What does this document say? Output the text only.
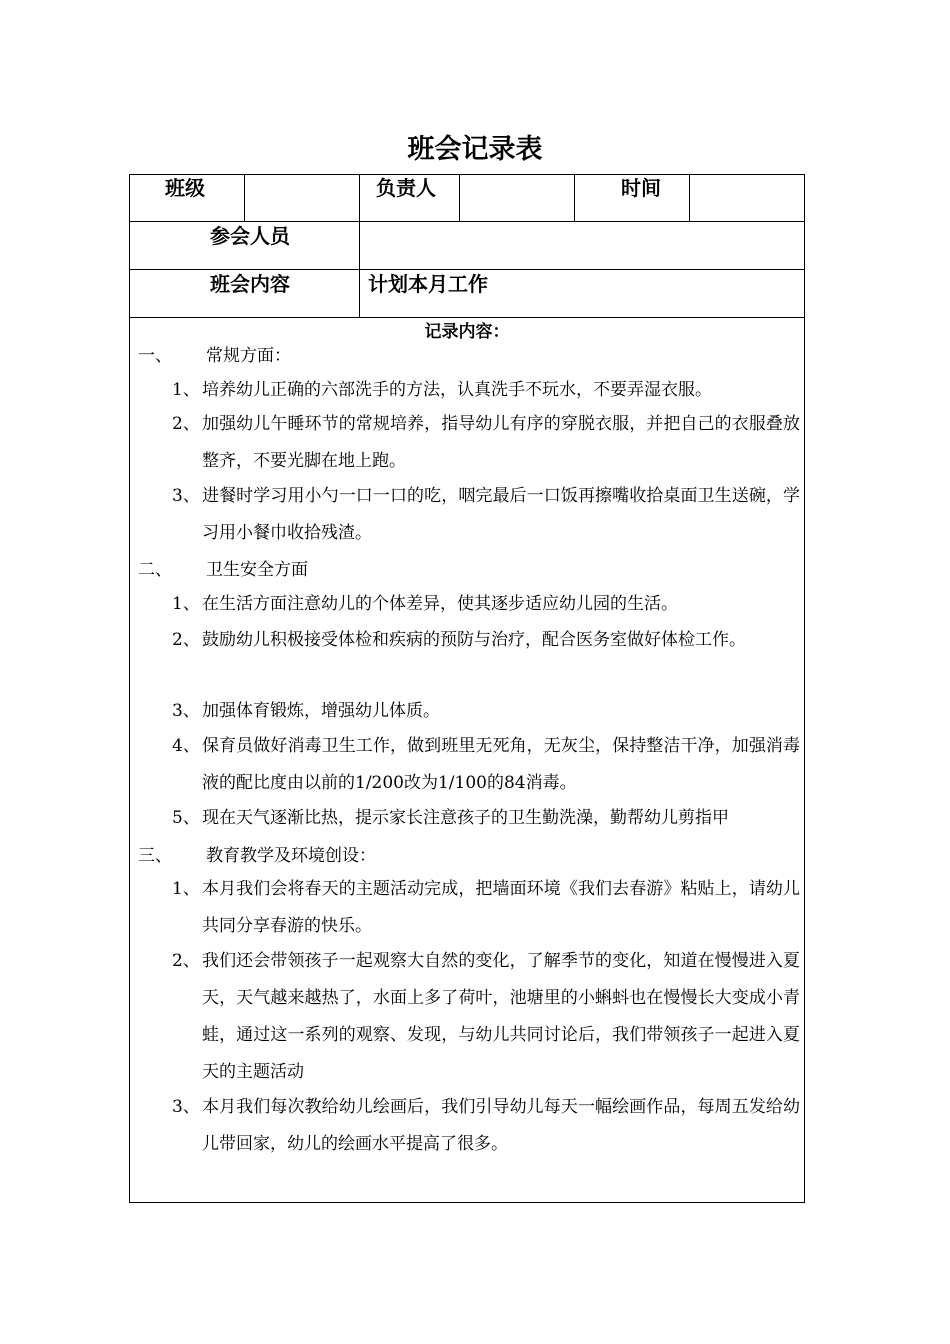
班会记录表
班级	负责人	时间
参会人员
班会内容	计划本月工作
记录内容：
一、 常规方面：
1、 培养幼儿正确的六部洗手的方法，认真洗手不玩水，不要弄湿衣服。
2、 加强幼儿午睡环节的常规培养，指导幼儿有序的穿脱衣服，并把自己的衣服叠放整齐，不要光脚在地上跑。
3、 进餐时学习用小勺一口一口的吃，咽完最后一口饭再擦嘴收拾桌面卫生送碗，学习用小餐巾收拾残渣。
二、 卫生安全方面
1、 在生活方面注意幼儿的个体差异，使其逐步适应幼儿园的生活。
2、 鼓励幼儿积极接受体检和疾病的预防与治疗，配合医务室做好体检工作。
3、 加强体育锻炼，增强幼儿体质。
4、 保育员做好消毒卫生工作，做到班里无死角，无灰尘，保持整洁干净，加强消毒液的配比度由以前的1/200改为1/100的84消毒。
5、 现在天气逐渐比热，提示家长注意孩子的卫生勤洗澡，勤帮幼儿剪指甲
三、 教育教学及环境创设：
1、 本月我们会将春天的主题活动完成，把墙面环境《我们去春游》粘贴上，请幼儿共同分享春游的快乐。
2、 我们还会带领孩子一起观察大自然的变化，了解季节的变化，知道在慢慢进入夏天，天气越来越热了，水面上多了荷叶，池塘里的小蝌蚪也在慢慢长大变成小青蛙，通过这一系列的观察、发现，与幼儿共同讨论后，我们带领孩子一起进入夏天的主题活动
3、 本月我们每次教给幼儿绘画后，我们引导幼儿每天一幅绘画作品，每周五发给幼儿带回家，幼儿的绘画水平提高了很多。
